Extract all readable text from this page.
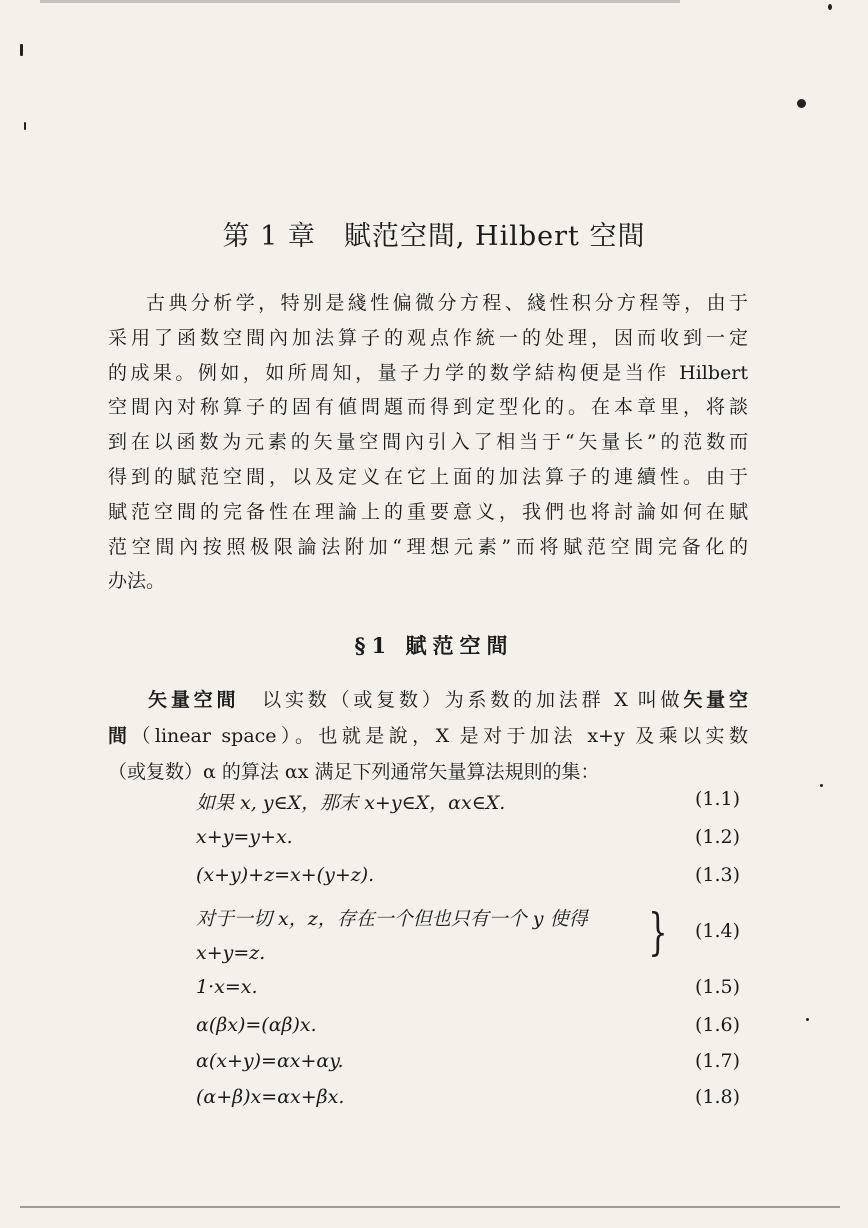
第 1 章　賦范空間, Hilbert 空間
古典分析学，特别是綫性偏微分方程、綫性积分方程等，由于
采用了函数空間內加法算子的观点作統一的处理，因而收到一定
的成果。例如，如所周知，量子力学的数学結构便是当作 Hilbert
空間內对称算子的固有値問題而得到定型化的。在本章里，将談
到在以函数为元素的矢量空間內引入了相当于“矢量长”的范数而
得到的賦范空間，以及定义在它上面的加法算子的連續性。由于
賦范空間的完备性在理論上的重要意义，我們也将討論如何在賦
范空間內按照极限論法附加“理想元素”而将賦范空間完备化的
办法。
§1 賦范空間
矢量空間　以实数（或复数）为系数的加法群 X 叫做矢量空
間（linear space）。也就是說，X 是对于加法 x+y 及乘以实数
（或复数）α 的算法 αx 满足下列通常矢量算法規則的集：
如果 x, y∈X，那末 x+y∈X，αx∈X.	(1.1)
x+y=y+x.	(1.2)
(x+y)+z=x+(y+z).	(1.3)
对于一切 x，z，存在一个但也只有一个 y 使得
x+y=z.	} (1.4)
1·x=x.	(1.5)
α(βx)=(αβ)x.	(1.6)
α(x+y)=αx+αy.	(1.7)
(α+β)x=αx+βx.	(1.8)
